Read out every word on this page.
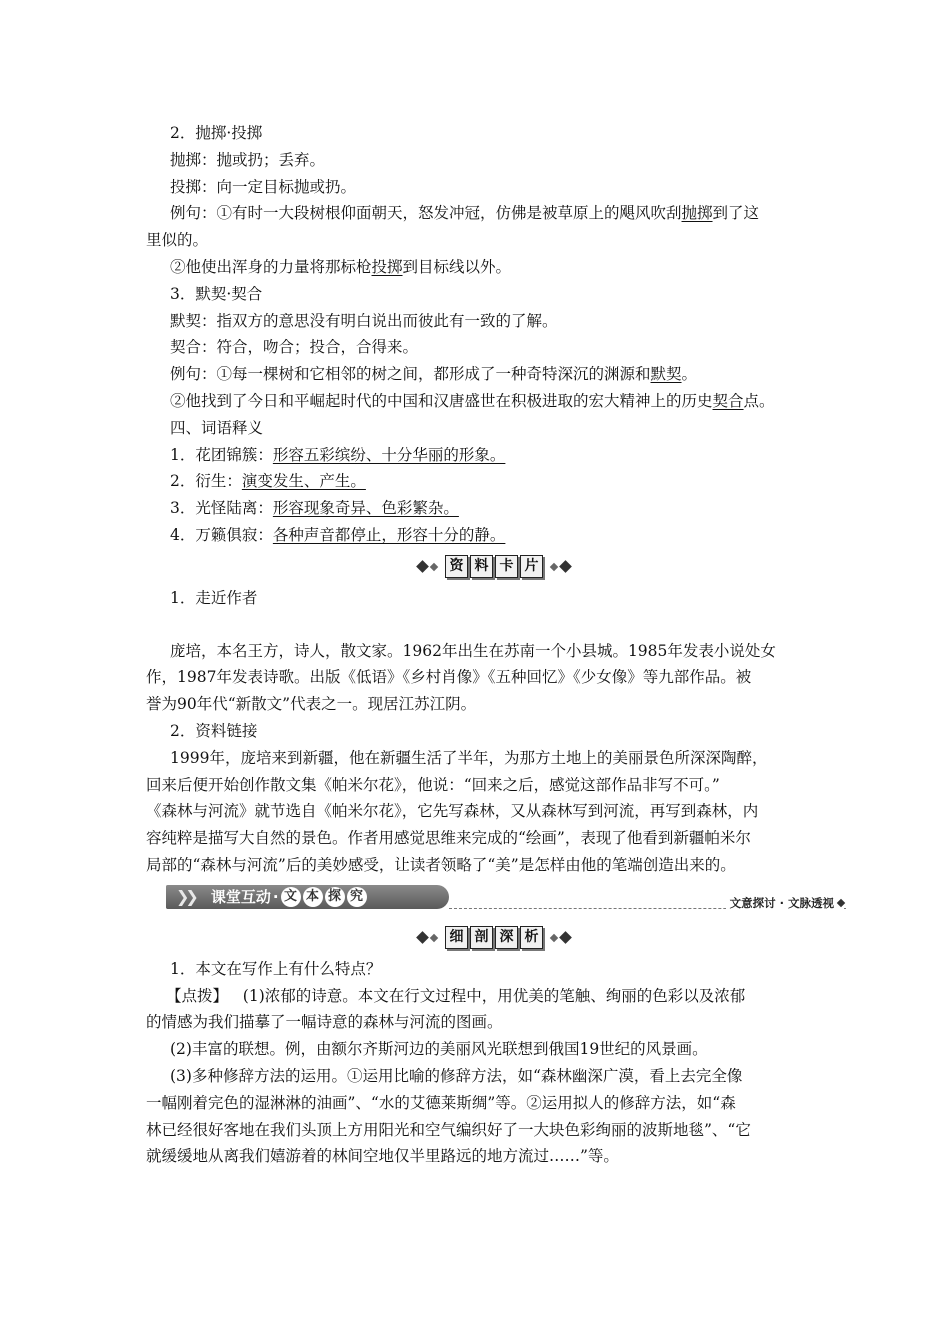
2．抛掷·投掷
抛掷：抛或扔；丢弃。
投掷：向一定目标抛或扔。
例句：①有时一大段树根仰面朝天，怒发冲冠，仿佛是被草原上的飓风吹刮抛掷到了这
里似的。
②他使出浑身的力量将那标枪投掷到目标线以外。
3．默契·契合
默契：指双方的意思没有明白说出而彼此有一致的了解。
契合：符合，吻合；投合，合得来。
例句：①每一棵树和它相邻的树之间，都形成了一种奇特深沉的渊源和默契。
②他找到了今日和平崛起时代的中国和汉唐盛世在积极进取的宏大精神上的历史契合点。
四、词语释义
1．花团锦簇：形容五彩缤纷、十分华丽的形象。
2．衍生：演变发生、产生。
3．光怪陆离：形容现象奇异、色彩繁杂。
4．万籁俱寂：各种声音都停止，形容十分的静。
资 料 卡 片
1．走近作者
庞培，本名王方，诗人，散文家。1962年出生在苏南一个小县城。1985年发表小说处女
作，1987年发表诗歌。出版《低语》《乡村肖像》《五种回忆》《少女像》等九部作品。被
誉为90年代“新散文”代表之一。现居江苏江阴。
2．资料链接
1999年，庞培来到新疆，他在新疆生活了半年，为那方土地上的美丽景色所深深陶醉，
回来后便开始创作散文集《帕米尔花》，他说：“回来之后，感觉这部作品非写不可。”
《森林与河流》就节选自《帕米尔花》，它先写森林，又从森林写到河流，再写到森林，内
容纯粹是描写大自然的景色。作者用感觉思维来完成的“绘画”，表现了他看到新疆帕米尔
局部的“森林与河流”后的美妙感受，让读者领略了“美”是怎样由他的笔端创造出来的。
❯❯ 课堂互动 · 文 本 探 究	文意探讨 · 文脉透视
细 剖 深 析
1．本文在写作上有什么特点？
【点拨】 (1)浓郁的诗意。本文在行文过程中，用优美的笔触、绚丽的色彩以及浓郁
的情感为我们描摹了一幅诗意的森林与河流的图画。
(2)丰富的联想。例，由额尔齐斯河边的美丽风光联想到俄国19世纪的风景画。
(3)多种修辞方法的运用。①运用比喻的修辞方法，如“森林幽深广漠，看上去完全像
一幅刚着完色的湿淋淋的油画”、“水的艾德莱斯绸”等。②运用拟人的修辞方法，如“森
林已经很好客地在我们头顶上方用阳光和空气编织好了一大块色彩绚丽的波斯地毯”、“它
就缓缓地从离我们嬉游着的林间空地仅半里路远的地方流过……”等。
